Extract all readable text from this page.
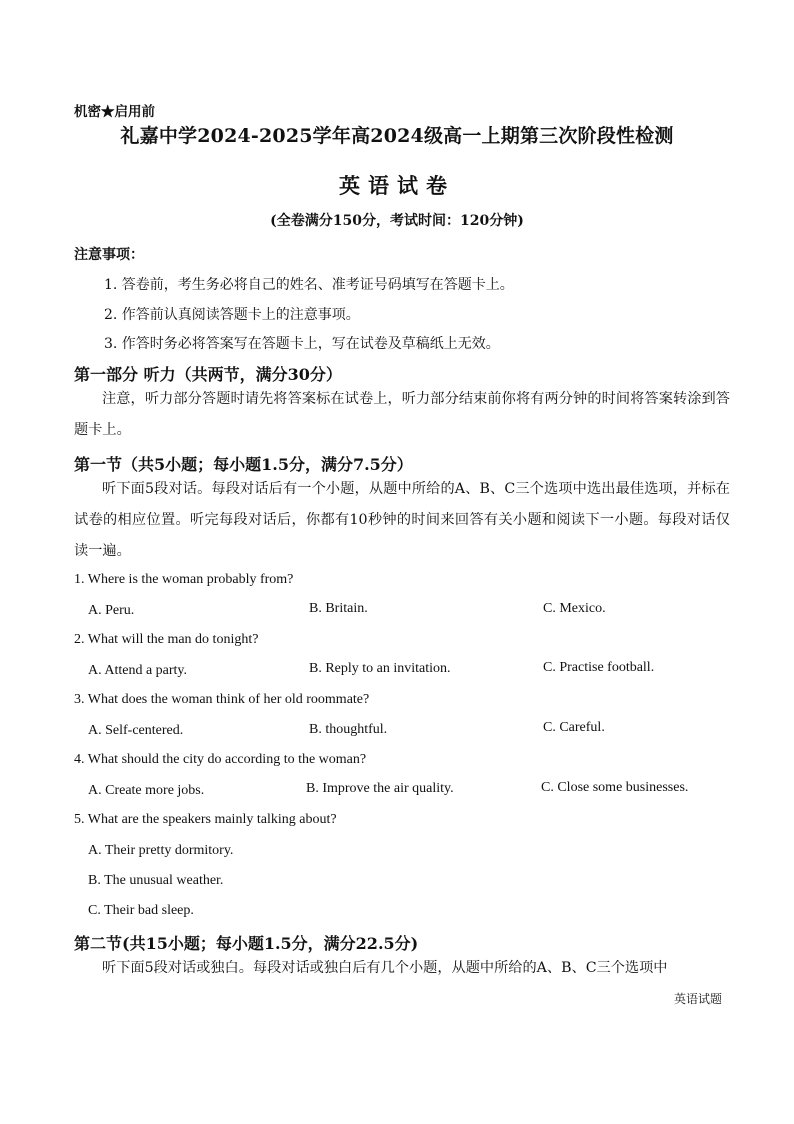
机密★启用前
礼嘉中学2024-2025学年高2024级高一上期第三次阶段性检测
英语试卷
(全卷满分150分，考试时间：120分钟)
注意事项：
1. 答卷前，考生务必将自己的姓名、准考证号码填写在答题卡上。
2. 作答前认真阅读答题卡上的注意事项。
3. 作答时务必将答案写在答题卡上，写在试卷及草稿纸上无效。
第一部分 听力（共两节，满分30分）
注意，听力部分答题时请先将答案标在试卷上，听力部分结束前你将有两分钟的时间将答案转涂到答题卡上。
第一节（共5小题；每小题1.5分，满分7.5分）
听下面5段对话。每段对话后有一个小题，从题中所给的A、B、C三个选项中选出最佳选项，并标在试卷的相应位置。听完每段对话后，你都有10秒钟的时间来回答有关小题和阅读下一小题。每段对话仅读一遍。
1. Where is the woman probably from?
A. Peru.	B. Britain.	C. Mexico.
2. What will the man do tonight?
A. Attend a party.	B. Reply to an invitation.	C. Practise football.
3. What does the woman think of her old roommate?
A. Self-centered.	B. thoughtful.	C. Careful.
4. What should the city do according to the woman?
A. Create more jobs.	B. Improve the air quality.	C. Close some businesses.
5. What are the speakers mainly talking about?
A. Their pretty dormitory.
B. The unusual weather.
C. Their bad sleep.
第二节(共15小题；每小题1.5分，满分22.5分)
听下面5段对话或独白。每段对话或独白后有几个小题，从题中所给的A、B、C三个选项中
英语试题
